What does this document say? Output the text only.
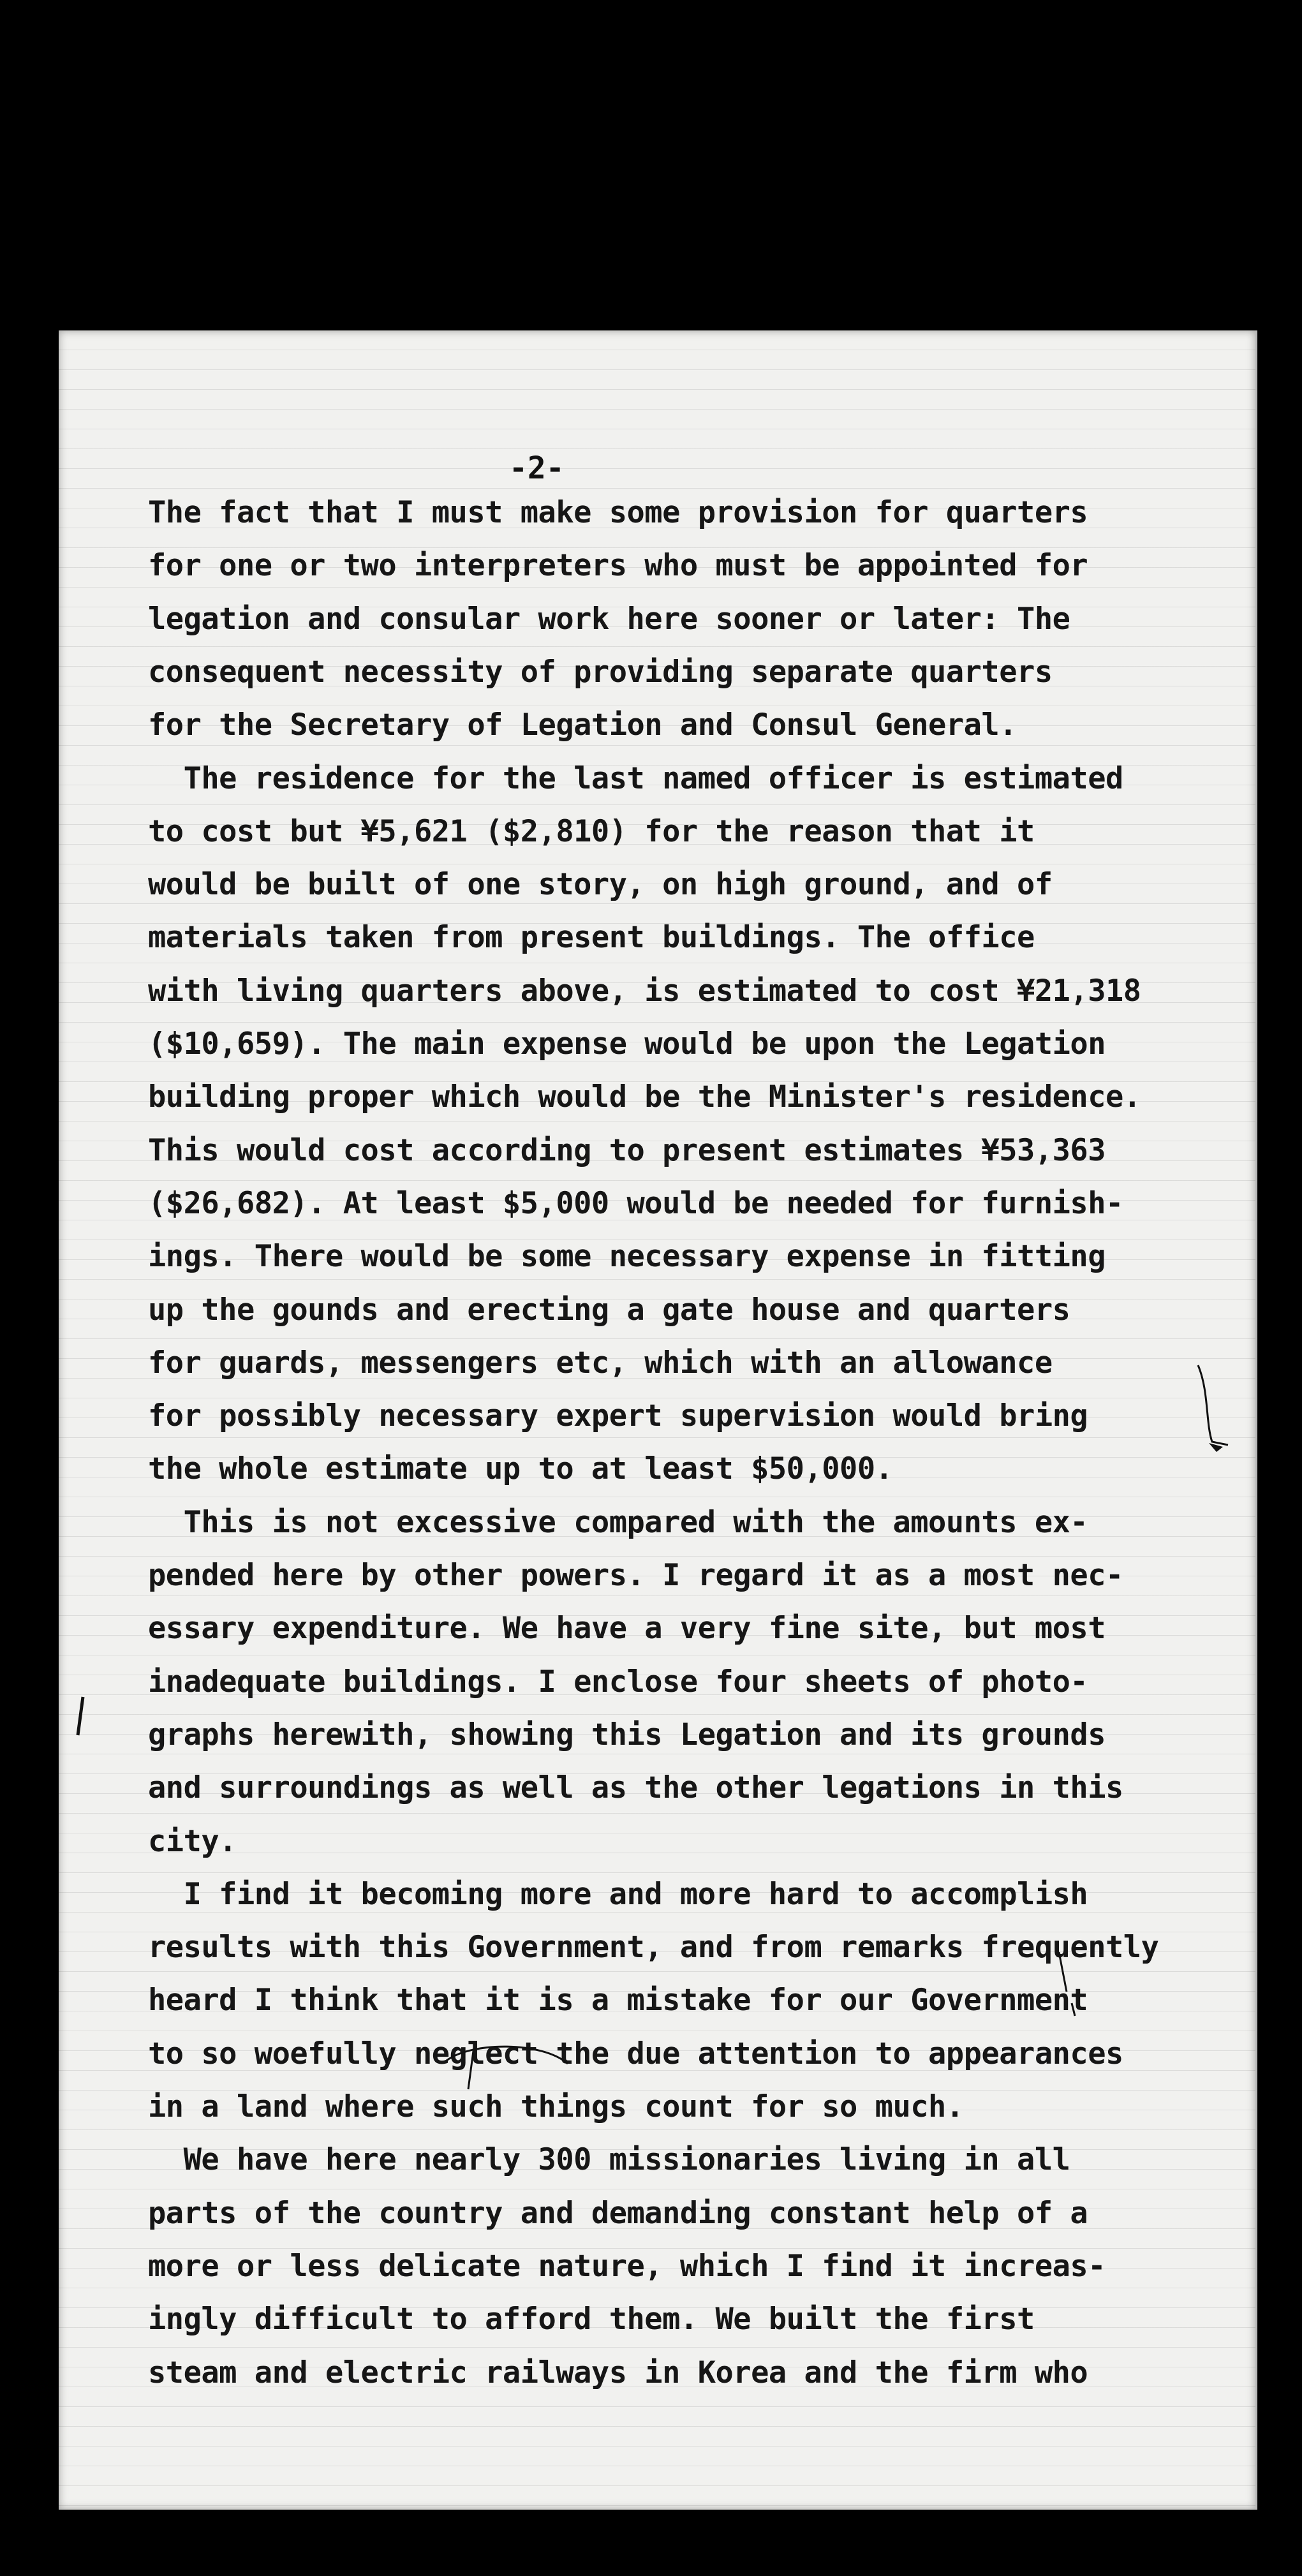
-2-
The fact that I must make some provision for quarters
for one or two interpreters who must be appointed for
legation and consular work here sooner or later: The
consequent necessity of providing separate quarters
for the Secretary of Legation and Consul General.
The residence for the last named officer is estimated
to cost but ¥5,621 ($2,810) for the reason that it
would be built of one story, on high ground, and of
materials taken from present buildings. The office
with living quarters above, is estimated to cost ¥21,318
($10,659). The main expense would be upon the Legation
building proper which would be the Minister's residence.
This would cost according to present estimates ¥53,363
($26,682). At least $5,000 would be needed for furnish-
ings. There would be some necessary expense in fitting
up the gounds and erecting a gate house and quarters
for guards, messengers etc, which with an allowance
for possibly necessary expert supervision would bring
the whole estimate up to at least $50,000.
This is not excessive compared with the amounts ex-
pended here by other powers. I regard it as a most nec-
essary expenditure. We have a very fine site, but most
inadequate buildings. I enclose four sheets of photo-
graphs herewith, showing this Legation and its grounds
and surroundings as well as the other legations in this
city.
I find it becoming more and more hard to accomplish
results with this Government, and from remarks frequently
heard I think that it is a mistake for our Government
to so woefully neglect the due attention to appearances
in a land where such things count for so much.
We have here nearly 300 missionaries living in all
parts of the country and demanding constant help of a
more or less delicate nature, which I find it increas-
ingly difficult to afford them. We built the first
steam and electric railways in Korea and the firm who
